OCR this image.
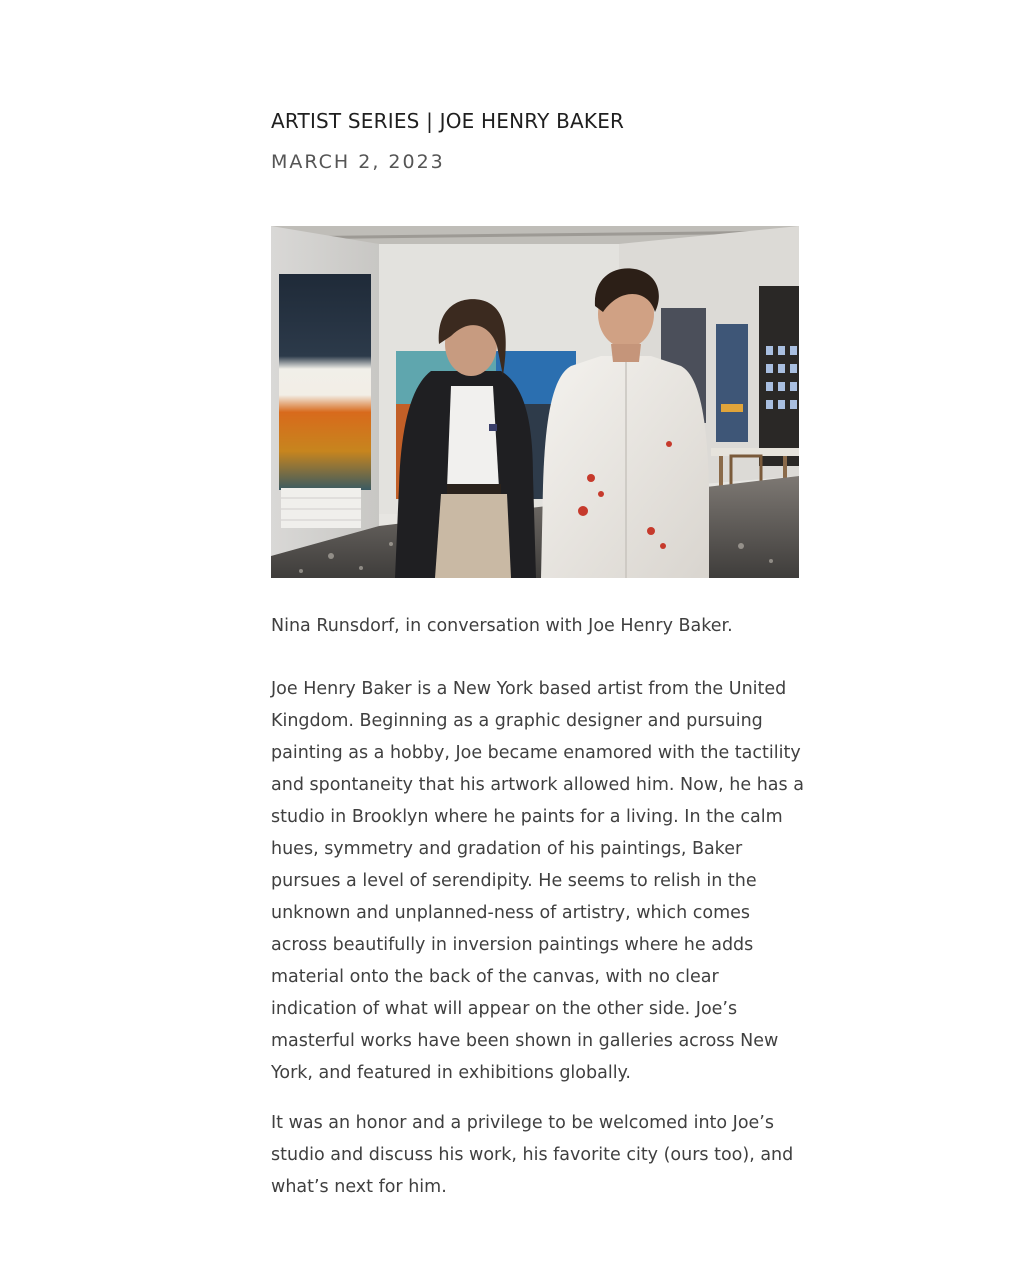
ARTIST SERIES | JOE HENRY BAKER
MARCH 2, 2023

Nina Runsdorf, in conversation with Joe Henry Baker.

Joe Henry Baker is a New York based artist from the United
Kingdom. Beginning as a graphic designer and pursuing
painting as a hobby, Joe became enamored with the tactility
and spontaneity that his artwork allowed him. Now, he has a
studio in Brooklyn where he paints for a living. In the calm
hues, symmetry and gradation of his paintings, Baker
pursues a level of serendipity. He seems to relish in the
unknown and unplanned-ness of artistry, which comes
across beautifully in inversion paintings where he adds
material onto the back of the canvas, with no clear
indication of what will appear on the other side. Joe’s
masterful works have been shown in galleries across New
York, and featured in exhibitions globally.

It was an honor and a privilege to be welcomed into Joe’s
studio and discuss his work, his favorite city (ours too), and
what’s next for him.
